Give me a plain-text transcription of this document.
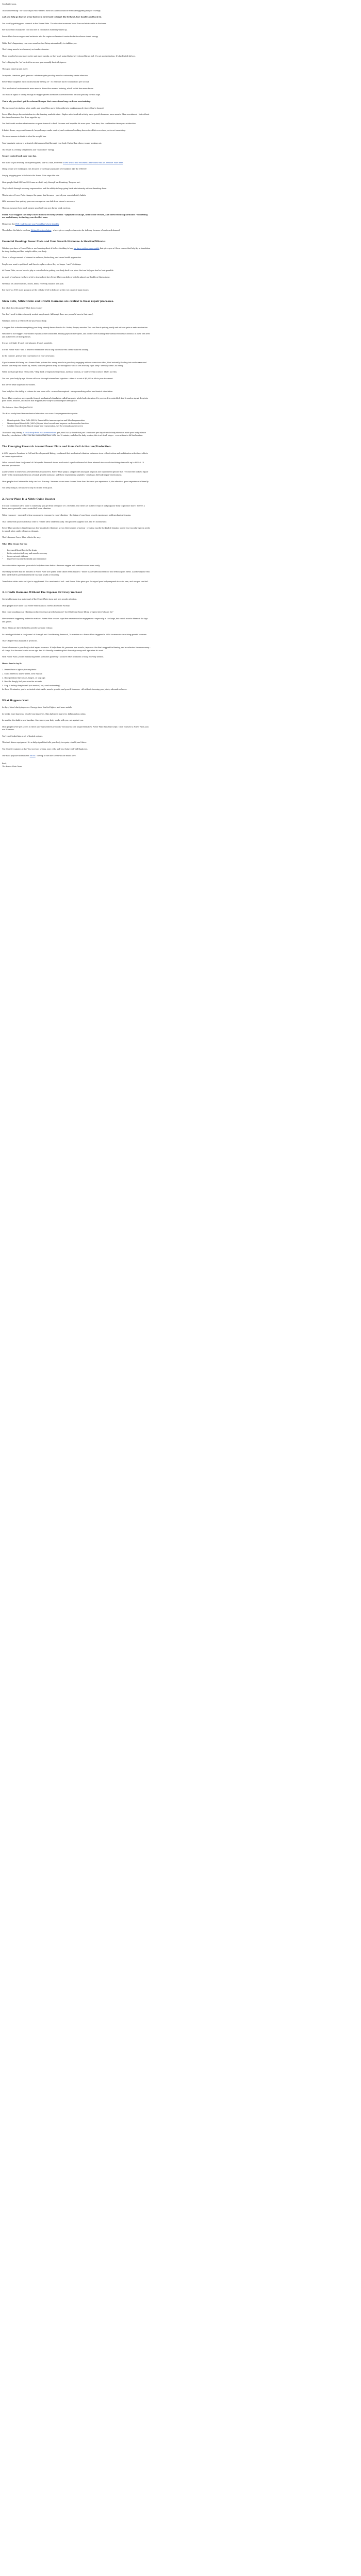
Good Afternoon,

This is interesting - for those of you who want to burn fat and build muscle without triggering hunger cravings.

And also help go lose fat areas that seem to be hard to target like belly fat, love handles and back fat.

You start by putting your stomach in the Power Plate. The vibration increases blood flow and nitric oxide in that area.

Fat tissue that usually sits cold and low in circulation suddenly wakes up.

Power Plate forces oxygen and nutrients into the region and makes it easier for fat to release stored energy.

While that's happening, your core muscles start firing automatically to stabilize you.

That's deep muscle involvement, not surface tension.

Those muscles become more active and more insulin, so they start using that newly-released fat as fuel. It's not spot reduction. It's facilitated fat loss.

You're flipping the "on" switch for an area you normally basically ignore.

Then you stand up and move.

Do squats, thrusters, push presses - whatever gets your big muscles contracting under vibration.

Power Plate amplifies each contraction by driving 30 - 50 reflexive micro-contractions per second.

That mechanical work recruits more muscle fibers than normal training, which builds lean mass faster.

The muscle signal is strong enough to trigger growth hormone and testosterone without pushing cortisol high.

That's why you don't get the rebound hunger that comes from long cardio or overtraining.

The increased circulation, nitric oxide, and blood flow move fatty acids into working muscle where they're burned.

Power Plate keeps the metabolism in a fat-burning, anabolic state - higher mitochondrial activity, more growth hormone, more muscle fiber recruitment - but without the stress hormones that drive appetite up.

You finish with another short session on your stomach to flush the area and keep the fat zone open. Over time, this combination trims your midsection.

It builds dense, oxygen-rich muscle, keeps hunger under control, and continues breaking down stored fat even when you're not exercising.

The short answer is that it is ideal for weight loss.

Your lymphatic system is activated which moves fluid through your body. Faster than when you are working out.

The result is a feeling of lightness and "unblocked" energy.

You get control back over your day.

For those of you working on improving HRV and Vo2 max, we wrote a new article and recorded a new video with Dr. Stewart Marx here.

Many people are working on this because of the huge popularity of wearables like the WHOOP.

Simply plugging your Mobile into the Power Plate stops the sets.

Most people think HRV and VO2 max are built only through hard training. They are not.

They're built through recovery, regeneration, and the ability to keep going back into intensity without breaking down.

This is where Power Plate changes the game. And because - part of your essential daily habits.

HRV measures how quickly your nervous system can shift from stress to recovery.

This can measure how much oxygen your body can use during peak exertion.

Power Plate triggers the body's three hidden recovery systems - lymphatic drainage, nitric oxide release, and stress-reducing hormones - something our evolutionary technology can do all at once.

Please see the PDF ready to give you PowerPlate's best benefits.

Then follow the link to read our Sitting Ketosis solution - where give a couple extra notes for delivery, because of continued demand.

Essential Reading: Power Plate and Your Growth Hormone Activation/Mitosis:

Whether you have a Power Plate or are learning about it before deciding to buy, we have written a new guide that gives you a 3-hour course that help lay a foundation for deep healing and fast weight within your body.

There is a huge amount of interest in wellness, biohacking, and cause health approaches.

People now want to get fixed, and then to a place where they no longer "can't" do things.

At Power Plate, we are here to play a central role in getting your body back to a place that can help you heal as best possible.

As most of you know, we have a lot to teach about how Power Plate can help or help fix almost any health or fitness issue.

We talk a lot about muscles, bones, brain, recovery, balance and pain.

But there's a TON more going on at the cellular level to help get at the root cause of many issues.

Stem Cells, Nitric Oxide and Growth Hormone are central to these repair processes.

But what does this mean? What does you do?

You don't need to take extremely needed supplement. (Although there are powerful ones in that case.)

What you need is a TRIGGER for your whole body.

A trigger that activates everything your body already knows how to do - faster, deeper, smarter. This can then it quickly, easily and without pain or extra motivation.

Welcome to the trigger: your bodies repairs all the headaches, healing physical therapists, and doctors are building their advanced routines around. In their own lives and in the lives of their patients.

It's not just light. It's not cold plunges. It's not a peptide.

It's the Power Plate - and it delivers treatments which help vibration with cardio-induced healing.

In the comfort, privacy and convenience of your own home.

If you've never felt being on a Power Plate, picture this: every muscle in your body engaging without conscious effort, fluid naturally flooding into under-exercised tissues and every cell wakes up, renew, and new growth firing all throughout - and it sets working right away - literally Stem Cell Ready.

When most people hear "stem cells," they think of expensive injections, medical tourism, or controversial science. That's not this.

You see, your body by age 30 now cells can through internal and injection - often at a cost of $5,000 in lab-to your treatment.

But here's what shapes in our bodies.

Your body has the ability to release its own stem cells - no needles required - using something called mechanical stimulation.

Power Plate creates a very specific form of mechanical stimulation called harmonic whole body vibration. It's precise, It's controlled. And it sends a signal deep into your bones, muscles, and fascia that triggers your body's natural repair intelligence.

The Science: Here This Just 100%!

The Nasa study found the mechanical vibration can cause 3-key regenerative agents:

• Hematopoietic Stem Cells (HSCs) Essential for immune system and blood regeneration
• Mesenchymal Stem Cells (MSCs) Repair blood vessels and improve cardiovascular function
• Satellite Muscle Cells Muscle repair and regeneration, key for strength and recovery

This is not only theory. A 2024 study from NASA researchers (yes, that NASA) found that just 10 minutes per day of whole body vibration made your body release these key circulation. In fact this has studies that these cells, the 10 minute, and also the daily session, this is at its all stages - even without a ful load routine.

The Emerging Research Around Power Plate and Stem Cell Activation/Production:

A 2014 paper in Frontiers In Cell and Developmental Biology confirmed that mechanical vibration enhances stem cell activation and mobilization with direct effects on tissue regeneration.

Other research from the Journal of Orthopedic Research shows mechanical signals delivered at these intervals increased circulating stem cells up to 80% at 10 minutes per session.

And it's sense to learn who activated from lean movers, Power Plate plays a unique role among all physical and supplement options that I've used the body to repair itself - with exceptional attention of mind, growth hormone, and those regenerating peptides - creating a full-body repair environment.

Most people don't believe the body can heal this way - because no one ever showed them how. But once you experience it, the effect is a great experience is literally.

You keep doing it, because it's easy to do and feels good.

2. Power Plate Is A Nitric Oxide Booster

It's easy to assume nitric oxide is something you get from beet juice or L-citrulline. But these are indirect ways of nudging your body to produce more. There's a faster, more powerful route: controlled, laser vibration.

When you move - especially when you move in response to rapid vibration - the lining of your blood vessels experiences mild mechanical tension.

That stress tells your endothelial cells to release nitric oxide instantly. This process happens fast, and it's measurable.

Power Plate produces high frequency, low-amplitude vibrations across three planes of motion - creating exactly the kind of stimulus stress your vascular system needs to unlock nitric oxide release on demand.

That's because Power Plate effects the way:

What This Means For You

• Increased blood flow to the brain
• Better nutrient delivery and muscle recovery
• Lower arterial stiffness
• Improved vascular flexibility and endurance

Once circulation improves your whole body functions better - because oxygen and nutrients move more easily.

One study showed that 10 minutes of Power Plate use spiked nitric oxide levels equal to - faster than traditional exercise and without joint stress. And for anyone who feels hard stuff to protect untreated vascular health or recovery.

Translation: nitric oxide isn't just a supplement. It's a mechanical tool - and Power Plate gives you the signal your body responds to on its own, and one you can feel.

3. Growth Hormone Without The Expense Or Crazy Workout

Growth Hormone is a major part of the Power Plate story, and gets people attention.

Most people don't know that Power Plate is also a Growth Hormone Factory.

How could standing on a vibrating surface increase growth hormone? Isn't that what heavy lifting or sprint intervals are for?

Here's what's happening under the surface: Power Plate creates rapid fire neuromuscular engagement - especially in the large, fast twitch muscle fibers of the legs and glutes.

These fibers are directly tied to growth hormone release.

In a study published in the Journal of Strength and Conditioning Research, 10 minutes on a Power Plate triggered a 361% increase in circulating growth hormone.

That's higher than many HIIT protocols.

Growth hormone is your body's dual repair hormone. It helps burn fat, preserve lean muscle, improves the skin's support for firming, and accelerates tissue recovery - all things that become harder as we age. And it's literally something that doesn't go away with age when it's used.

With Power Plate, you're stimulating these hormones passively - no more effort workouts or long recovery needed.

Here's how to try it:

1. Power Plate is lighter, for amplitude

2. Stand barefoot, and/or knees, slow rhythm

3. Hold positions like squats, lunges, or step ups

4. Breathe deeply, feel your muscles activate

5. Stop if feeling dizzy/unwell (not needed, but, used moderately)

In these 10 minutes, you've activated nitric oxide, muscle growth, and growth hormone - all without stressing your joints, adrenals or knees.

What Happens Next

In days, blood clarity improves. Energy rises. You feel lighter and more mobile.

In weeks, tone sharpens. Muscle tone improves. Skin tightness improves. Inflammation calms.

In months, You build a new baseline. One where your body works with you, not against you.

Most people never get access to these anti-regenerative protocols - because no one taught them how. Power Plate flips that script. Once you have a Power Plate, you use it forever.

You're not locked into a set of limited options.

This isn't fitness equipment. It's a daily signal that tells your body to repair, rebuild, and thrive.

Try it for five minutes a day. Your nervous system, your cells, and your future self will thank you.

Our most popular model is the MOVE. The top of the line Series will be found here.

Best,
The Power Plate Team
